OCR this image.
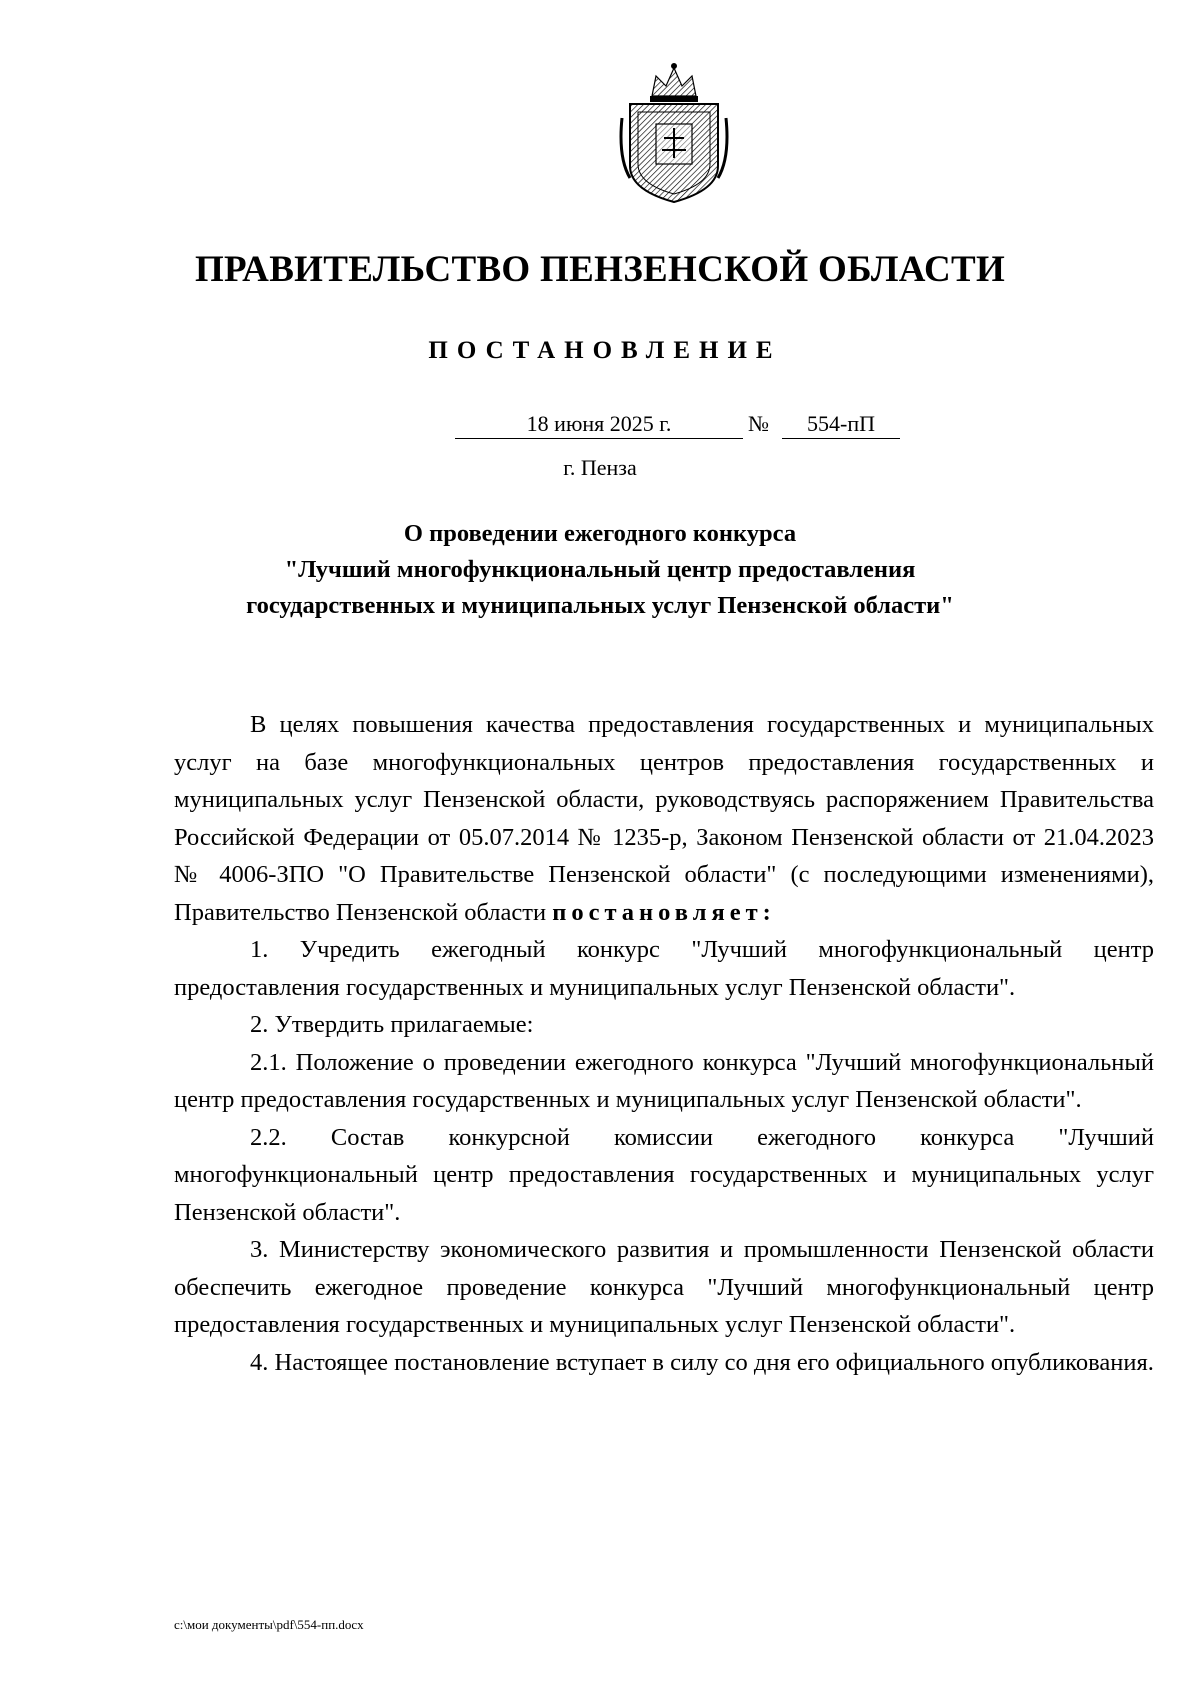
ПРАВИТЕЛЬСТВО ПЕНЗЕНСКОЙ ОБЛАСТИ
ПОСТАНОВЛЕНИЕ
18 июня 2025 г.	№	554-пП
г. Пенза
О проведении ежегодного конкурса
"Лучший многофункциональный центр предоставления
государственных и муниципальных услуг Пензенской области"

В целях повышения качества предоставления государственных и муниципальных услуг на базе многофункциональных центров предоставления государственных и муниципальных услуг Пензенской области, руководствуясь распоряжением Правительства Российской Федерации от 05.07.2014 № 1235-р, Законом Пензенской области от 21.04.2023 № 4006-ЗПО "О Правительстве Пензенской области" (с последующими изменениями), Правительство Пензенской области постановляет:

1. Учредить ежегодный конкурс "Лучший многофункциональный центр предоставления государственных и муниципальных услуг Пензенской области".

2. Утвердить прилагаемые:

2.1. Положение о проведении ежегодного конкурса "Лучший многофункциональный центр предоставления государственных и муниципальных услуг Пензенской области".

2.2. Состав конкурсной комиссии ежегодного конкурса "Лучший многофункциональный центр предоставления государственных и муниципальных услуг Пензенской области".

3. Министерству экономического развития и промышленности Пензенской области обеспечить ежегодное проведение конкурса "Лучший многофункциональный центр предоставления государственных и муниципальных услуг Пензенской области".

4. Настоящее постановление вступает в силу со дня его официального опубликования.

c:\мои документы\pdf\554-пп.docx
